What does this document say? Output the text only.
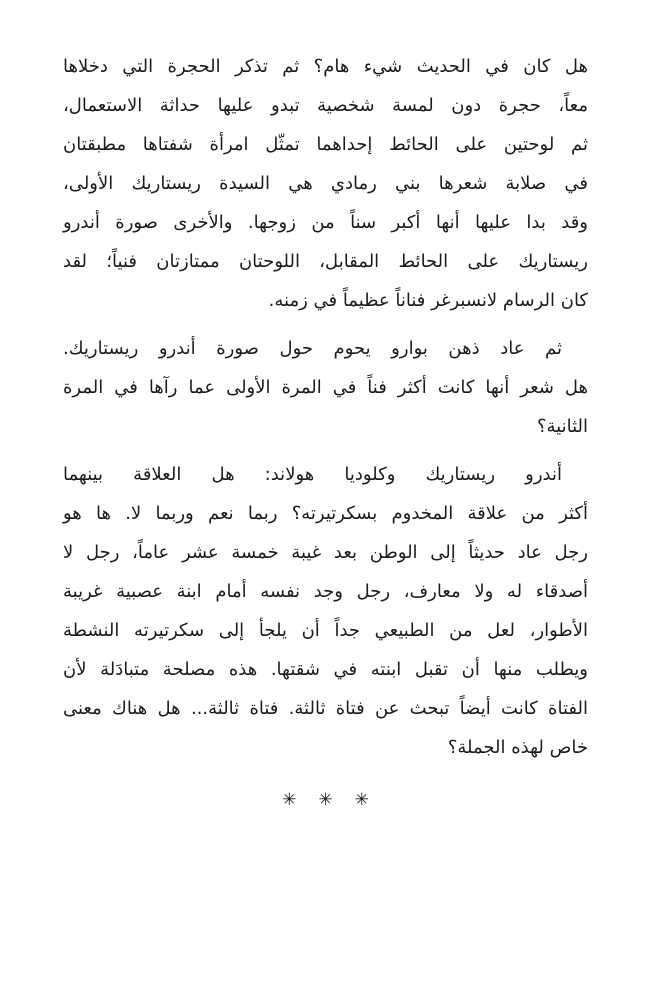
هل كان في الحديث شيء هام؟ ثم تذكر الحجرة التي دخلاها
معاً، حجرة دون لمسة شخصية تبدو عليها حداثة الاستعمال،
ثم لوحتين على الحائط إحداهما تمثّل امرأة شفتاها مطبقتان
في صلابة شعرها بني رمادي هي السيدة ريستاريك الأولى،
وقد بدا عليها أنها أكبر سناً من زوجها. والأخرى صورة أندرو
ريستاريك على الحائط المقابل، اللوحتان ممتازتان فنياً؛ لقد
كان الرسام لانسبرغر فناناً عظيماً في زمنه.

ثم عاد ذهن بوارو يحوم حول صورة أندرو ريستاريك.
هل شعر أنها كانت أكثر فناً في المرة الأولى عما رآها في المرة
الثانية؟

أندرو ريستاريك وكلوديا هولاند: هل العلاقة بينهما
أكثر من علاقة المخدوم بسكرتيرته؟ ربما نعم وربما لا. ها هو
رجل عاد حديثاً إلى الوطن بعد غيبة خمسة عشر عاماً، رجل لا
أصدقاء له ولا معارف، رجل وجد نفسه أمام ابنة عصبية غريبة
الأطوار، لعل من الطبيعي جداً أن يلجأ إلى سكرتيرته النشطة
ويطلب منها أن تقبل ابنته في شقتها. هذه مصلحة متبادَلة لأن
الفتاة كانت أيضاً تبحث عن فتاة ثالثة. فتاة ثالثة... هل هناك معنى
خاص لهذه الجملة؟

✳✳✳
